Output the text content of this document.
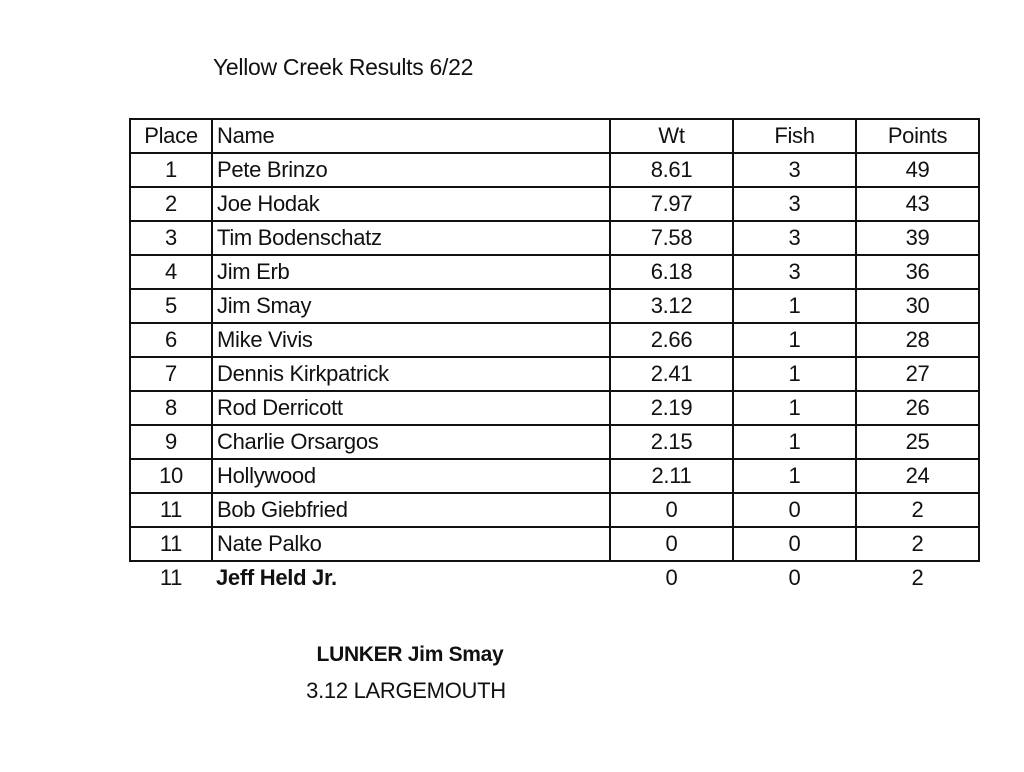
Yellow Creek Results 6/22
Place	Name	Wt	Fish	Points
1	Pete Brinzo	8.61	3	49
2	Joe Hodak	7.97	3	43
3	Tim Bodenschatz	7.58	3	39
4	Jim Erb	6.18	3	36
5	Jim Smay	3.12	1	30
6	Mike Vivis	2.66	1	28
7	Dennis Kirkpatrick	2.41	1	27
8	Rod Derricott	2.19	1	26
9	Charlie Orsargos	2.15	1	25
10	Hollywood	2.11	1	24
11	Bob Giebfried	0	0	2
11	Nate Palko	0	0	2
11	Jeff Held Jr.	0	0	2
LUNKER Jim Smay
3.12 LARGEMOUTH
